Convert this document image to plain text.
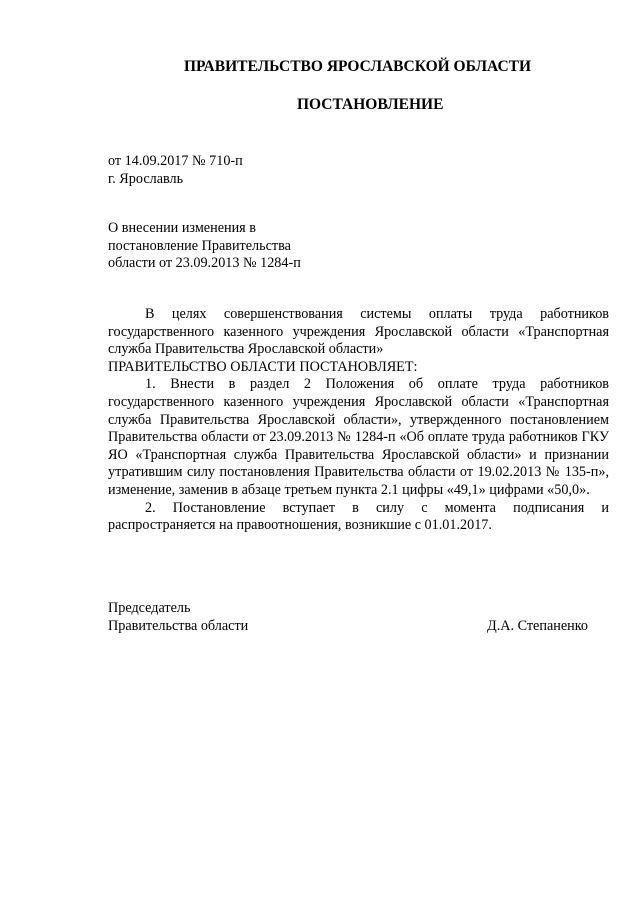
ПРАВИТЕЛЬСТВО ЯРОСЛАВСКОЙ ОБЛАСТИ
ПОСТАНОВЛЕНИЕ
от 14.09.2017 № 710-п
г. Ярославль
О внесении изменения в
постановление Правительства
области от 23.09.2013 № 1284-п

В целях совершенствования системы оплаты труда работников государственного казенного учреждения Ярославской области «Транспортная служба Правительства Ярославской области»

ПРАВИТЕЛЬСТВО ОБЛАСТИ ПОСТАНОВЛЯЕТ:

1. Внести в раздел 2 Положения об оплате труда работников государственного казенного учреждения Ярославской области «Транспортная служба Правительства Ярославской области», утвержденного постановлением Правительства области от 23.09.2013 № 1284-п «Об оплате труда работников ГКУ ЯО «Транспортная служба Правительства Ярославской области» и признании утратившим силу постановления Правительства области от 19.02.2013 № 135-п», изменение, заменив в абзаце третьем пункта 2.1 цифры «49,1» цифрами «50,0».

2. Постановление вступает в силу с момента подписания и распространяется на правоотношения, возникшие с 01.01.2017.

Председатель
Правительства области	Д.А. Степаненко
